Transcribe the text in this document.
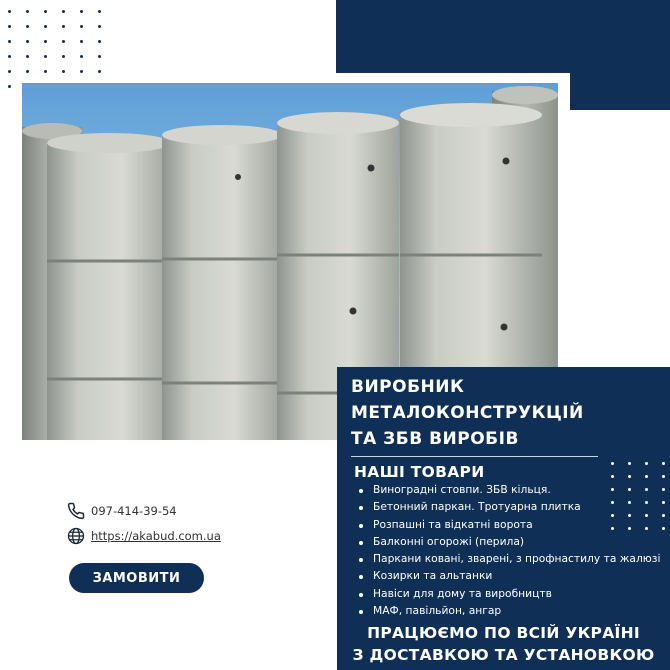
ВИРОБНИК
МЕТАЛОКОНСТРУКЦІЙ
ТА ЗБВ ВИРОБІВ
НАШІ ТОВАРИ
Виноградні стовпи. ЗБВ кільця.
Бетонний паркан. Тротуарна плитка
Розпашні та відкатні ворота
Балконні огорожі (перила)
Паркани ковані, зварені, з профнастилу та жалюзі
Козирки та альтанки
Навіси для дому та виробництв
МАФ, павільйон, ангар

ПРАЦЮЄМО ПО ВСІЙ УКРАЇНІ
З ДОСТАВКОЮ ТА УСТАНОВКОЮ

097-414-39-54
https://akabud.com.ua
ЗАМОВИТИ
